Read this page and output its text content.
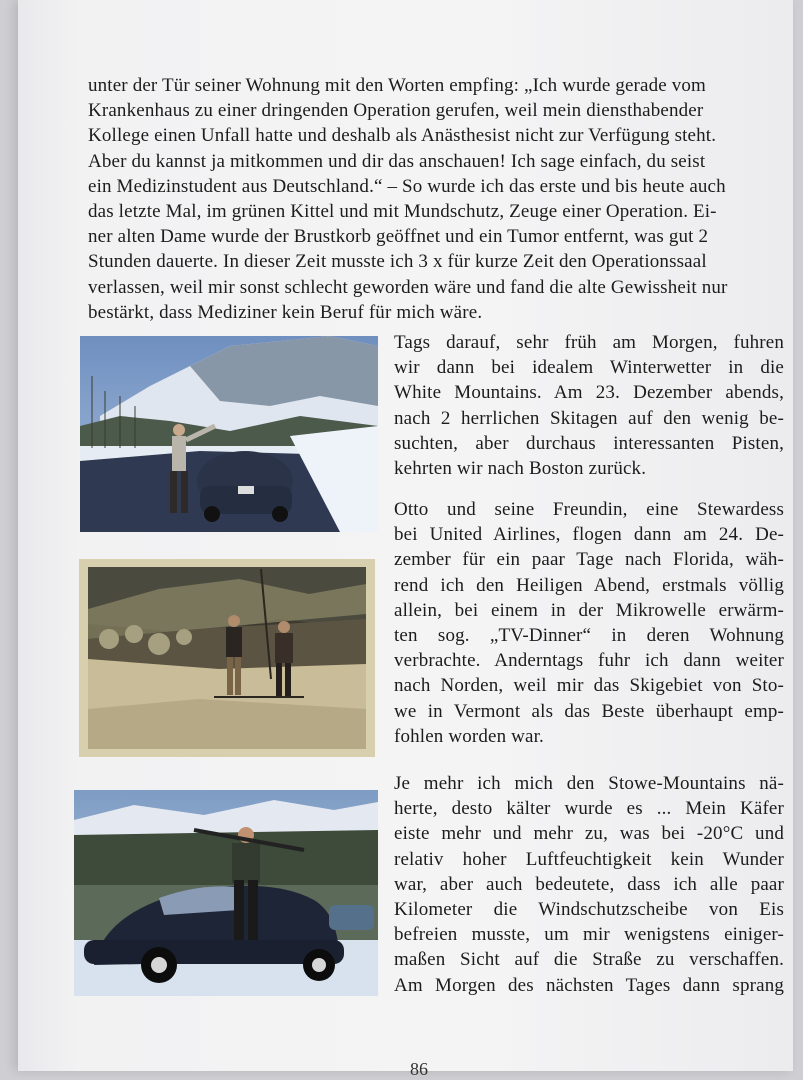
unter der Tür seiner Wohnung mit den Worten empfing: „Ich wurde gerade vom
Krankenhaus zu einer dringenden Operation gerufen, weil mein diensthabender
Kollege einen Unfall hatte und deshalb als Anästhesist nicht zur Verfügung steht.
Aber du kannst ja mitkommen und dir das anschauen! Ich sage einfach, du seist
ein Medizinstudent aus Deutschland.“ – So wurde ich das erste und bis heute auch
das letzte Mal, im grünen Kittel und mit Mundschutz, Zeuge einer Operation. Ei-
ner alten Dame wurde der Brustkorb geöffnet und ein Tumor entfernt, was gut 2
Stunden dauerte. In dieser Zeit musste ich 3 x für kurze Zeit den Operationssaal
verlassen, weil mir sonst schlecht geworden wäre und fand die alte Gewissheit nur
bestärkt, dass Mediziner kein Beruf für mich wäre.
Tags darauf, sehr früh am Morgen, fuhren
wir dann bei idealem Winterwetter in die
White Mountains. Am 23. Dezember abends,
nach 2 herrlichen Skitagen auf den wenig be-
suchten, aber durchaus interessanten Pisten,
kehrten wir nach Boston zurück.
Otto und seine Freundin, eine Stewardess
bei United Airlines, flogen dann am 24. De-
zember für ein paar Tage nach Florida, wäh-
rend ich den Heiligen Abend, erstmals völlig
allein, bei einem in der Mikrowelle erwärm-
ten sog. „TV-Dinner“ in deren Wohnung
verbrachte. Anderntags fuhr ich dann weiter
nach Norden, weil mir das Skigebiet von Sto-
we in Vermont als das Beste überhaupt emp-
fohlen worden war.
Je mehr ich mich den Stowe-Mountains nä-
herte, desto kälter wurde es ... Mein Käfer
eiste mehr und mehr zu, was bei -20°C und
relativ hoher Luftfeuchtigkeit kein Wunder
war, aber auch bedeutete, dass ich alle paar
Kilometer die Windschutzscheibe von Eis
befreien musste, um mir wenigstens einiger-
maßen Sicht auf die Straße zu verschaffen.
Am Morgen des nächsten Tages dann sprang
86
